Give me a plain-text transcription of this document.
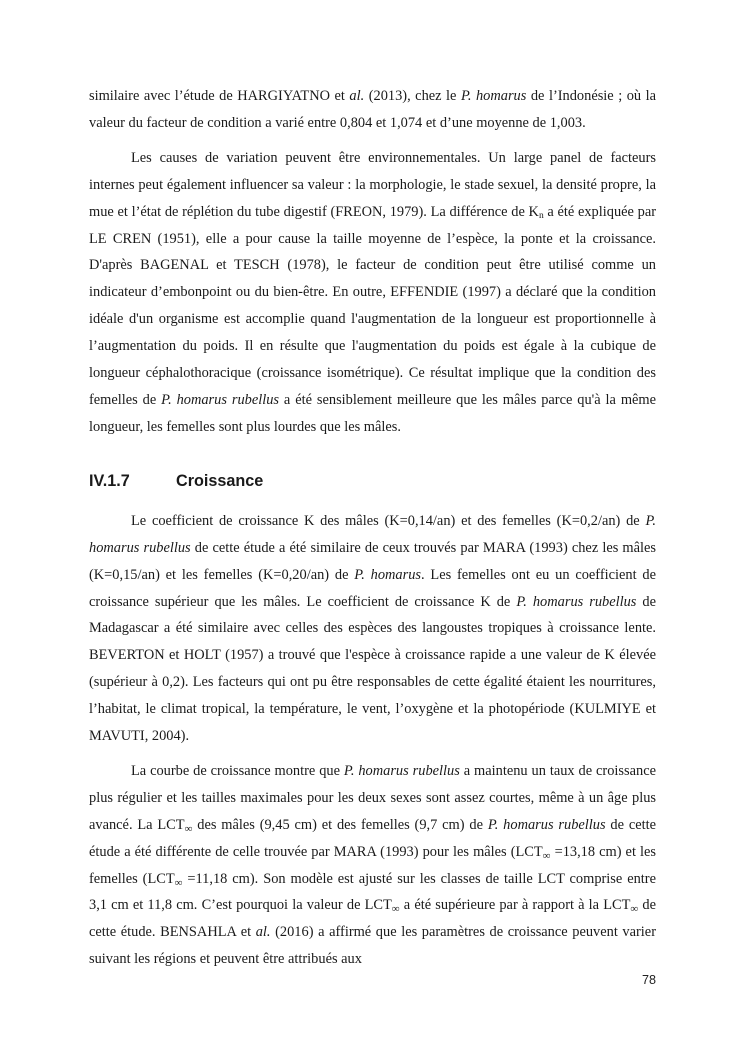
similaire avec l’étude de HARGIYATNO et al. (2013), chez le P. homarus de l’Indonésie ; où la valeur du facteur de condition a varié entre 0,804 et 1,074 et d’une moyenne de 1,003.

Les causes de variation peuvent être environnementales. Un large panel de facteurs internes peut également influencer sa valeur : la morphologie, le stade sexuel, la densité propre, la mue et l’état de réplétion du tube digestif (FREON, 1979). La différence de $K_n$ a été expliquée par LE CREN (1951), elle a pour cause la taille moyenne de l’espèce, la ponte et la croissance. D'après BAGENAL et TESCH (1978), le facteur de condition peut être utilisé comme un indicateur d’embonpoint ou du bien-être. En outre, EFFENDIE (1997) a déclaré que la condition idéale d'un organisme est accomplie quand l'augmentation de la longueur est proportionnelle à l’augmentation du poids. Il en résulte que l'augmentation du poids est égale à la cubique de longueur céphalothoracique (croissance isométrique). Ce résultat implique que la condition des femelles de P. homarus rubellus a été sensiblement meilleure que les mâles parce qu'à la même longueur, les femelles sont plus lourdes que les mâles.

IV.1.7	Croissance

Le coefficient de croissance K des mâles (K=0,14/an) et des femelles (K=0,2/an) de P. homarus rubellus de cette étude a été similaire de ceux trouvés par MARA (1993) chez les mâles (K=0,15/an) et les femelles (K=0,20/an) de P. homarus. Les femelles ont eu un coefficient de croissance supérieur que les mâles. Le coefficient de croissance K de P. homarus rubellus de Madagascar a été similaire avec celles des espèces des langoustes tropiques à croissance lente. BEVERTON et HOLT (1957) a trouvé que l'espèce à croissance rapide a une valeur de K élevée (supérieur à 0,2). Les facteurs qui ont pu être responsables de cette égalité étaient les nourritures, l’habitat, le climat tropical, la température, le vent, l’oxygène et la photopériode (KULMIYE et MAVUTI, 2004).

La courbe de croissance montre que P. homarus rubellus a maintenu un taux de croissance plus régulier et les tailles maximales pour les deux sexes sont assez courtes, même à un âge plus avancé. La $LCT_\infty$ des mâles (9,45 cm) et des femelles (9,7 cm) de P. homarus rubellus de cette étude a été différente de celle trouvée par MARA (1993) pour les mâles ($LCT_\infty =13,18$ cm) et les femelles ($LCT_\infty =11,18$ cm). Son modèle est ajusté sur les classes de taille LCT comprise entre 3,1 cm et 11,8 cm. C’est pourquoi la valeur de $LCT_\infty$ a été supérieure par à rapport à la $LCT_\infty$ de cette étude. BENSAHLA et al. (2016) a affirmé que les paramètres de croissance peuvent varier suivant les régions et peuvent être attribués aux

78
